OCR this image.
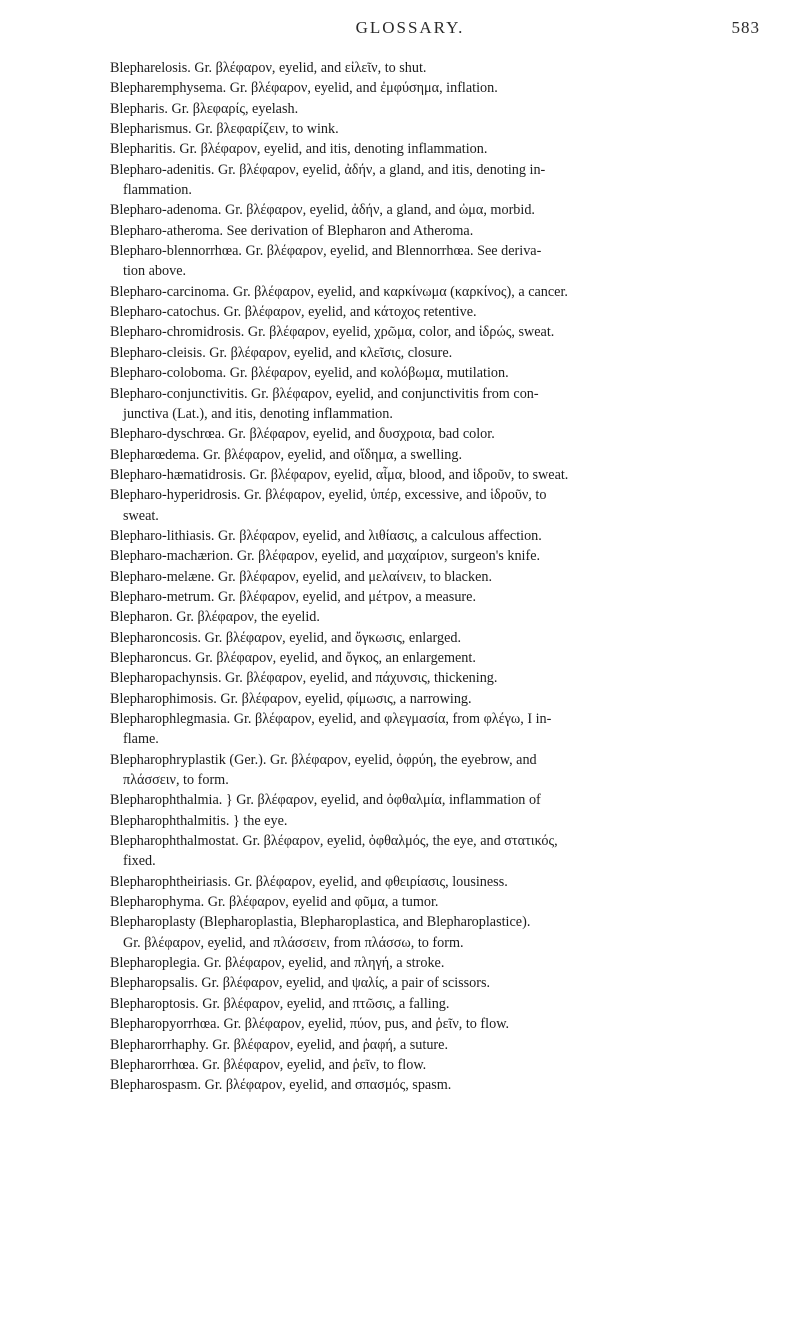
GLOSSARY.	583

Blepharelosis. Gr. βλέφαρον, eyelid, and εἰλεῖν, to shut.

Blepharemphysema. Gr. βλέφαρον, eyelid, and ἐμφύσημα, inflation.

Blepharis. Gr. βλεφαρίς, eyelash.

Blepharismus. Gr. βλεφαρίζειν, to wink.

Blepharitis. Gr. βλέφαρον, eyelid, and itis, denoting inflammation.

Blepharo-adenitis. Gr. βλέφαρον, eyelid, ἀδήν, a gland, and itis, denoting in-
flammation.

Blepharo-adenoma. Gr. βλέφαρον, eyelid, ἀδήν, a gland, and ὠμα, morbid.

Blepharo-atheroma. See derivation of Blepharon and Atheroma.

Blepharo-blennorrhœa. Gr. βλέφαρον, eyelid, and Blennorrhœa. See deriva-
tion above.

Blepharo-carcinoma. Gr. βλέφαρον, eyelid, and καρκίνωμα (καρκίνος), a cancer.

Blepharo-catochus. Gr. βλέφαρον, eyelid, and κάτοχος retentive.

Blepharo-chromidrosis. Gr. βλέφαρον, eyelid, χρῶμα, color, and ἱδρώς, sweat.

Blepharo-cleisis. Gr. βλέφαρον, eyelid, and κλεῖσις, closure.

Blepharo-coloboma. Gr. βλέφαρον, eyelid, and κολόβωμα, mutilation.

Blepharo-conjunctivitis. Gr. βλέφαρον, eyelid, and conjunctivitis from con-
junctiva (Lat.), and itis, denoting inflammation.

Blepharo-dyschrœa. Gr. βλέφαρον, eyelid, and δυσχροια, bad color.

Blepharœdema. Gr. βλέφαρον, eyelid, and οἴδημα, a swelling.

Blepharo-hæmatidrosis. Gr. βλέφαρον, eyelid, αἷμα, blood, and ἱδροῦν, to sweat.

Blepharo-hyperidrosis. Gr. βλέφαρον, eyelid, ὑπέρ, excessive, and ἱδροῦν, to
sweat.

Blepharo-lithiasis. Gr. βλέφαρον, eyelid, and λιθίασις, a calculous affection.

Blepharo-machærion. Gr. βλέφαρον, eyelid, and μαχαίριον, surgeon's knife.

Blepharo-melæne. Gr. βλέφαρον, eyelid, and μελαίνειν, to blacken.

Blepharo-metrum. Gr. βλέφαρον, eyelid, and μέτρον, a measure.

Blepharon. Gr. βλέφαρον, the eyelid.

Blepharoncosis. Gr. βλέφαρον, eyelid, and ὄγκωσις, enlarged.

Blepharoncus. Gr. βλέφαρον, eyelid, and ὄγκος, an enlargement.

Blepharopachynsis. Gr. βλέφαρον, eyelid, and πάχυνσις, thickening.

Blepharophimosis. Gr. βλέφαρον, eyelid, φίμωσις, a narrowing.

Blepharophlegmasia. Gr. βλέφαρον, eyelid, and φλεγμασία, from φλέγω, I in-
flame.

Blepharophryplastik (Ger.). Gr. βλέφαρον, eyelid, ὀφρύη, the eyebrow, and
πλάσσειν, to form.

Blepharophthalmia. } Gr. βλέφαρον, eyelid, and ὀφθαλμία, inflammation of

Blepharophthalmitis. } the eye.

Blepharophthalmostat. Gr. βλέφαρον, eyelid, ὀφθαλμός, the eye, and στατικός,
fixed.

Blepharophtheiriasis. Gr. βλέφαρον, eyelid, and φθειρίασις, lousiness.

Blepharophyma. Gr. βλέφαρον, eyelid and φῦμα, a tumor.

Blepharoplasty (Blepharoplastia, Blepharoplastica, and Blepharoplastice).
Gr. βλέφαρον, eyelid, and πλάσσειν, from πλάσσω, to form.

Blepharoplegia. Gr. βλέφαρον, eyelid, and πληγή, a stroke.

Blepharopsalis. Gr. βλέφαρον, eyelid, and ψαλίς, a pair of scissors.

Blepharoptosis. Gr. βλέφαρον, eyelid, and πτῶσις, a falling.

Blepharopyorrhœa. Gr. βλέφαρον, eyelid, πύον, pus, and ῥεῖν, to flow.

Blepharorrhaphy. Gr. βλέφαρον, eyelid, and ῥαφή, a suture.

Blepharorrhœa. Gr. βλέφαρον, eyelid, and ῥεῖν, to flow.

Blepharospasm. Gr. βλέφαρον, eyelid, and σπασμός, spasm.
